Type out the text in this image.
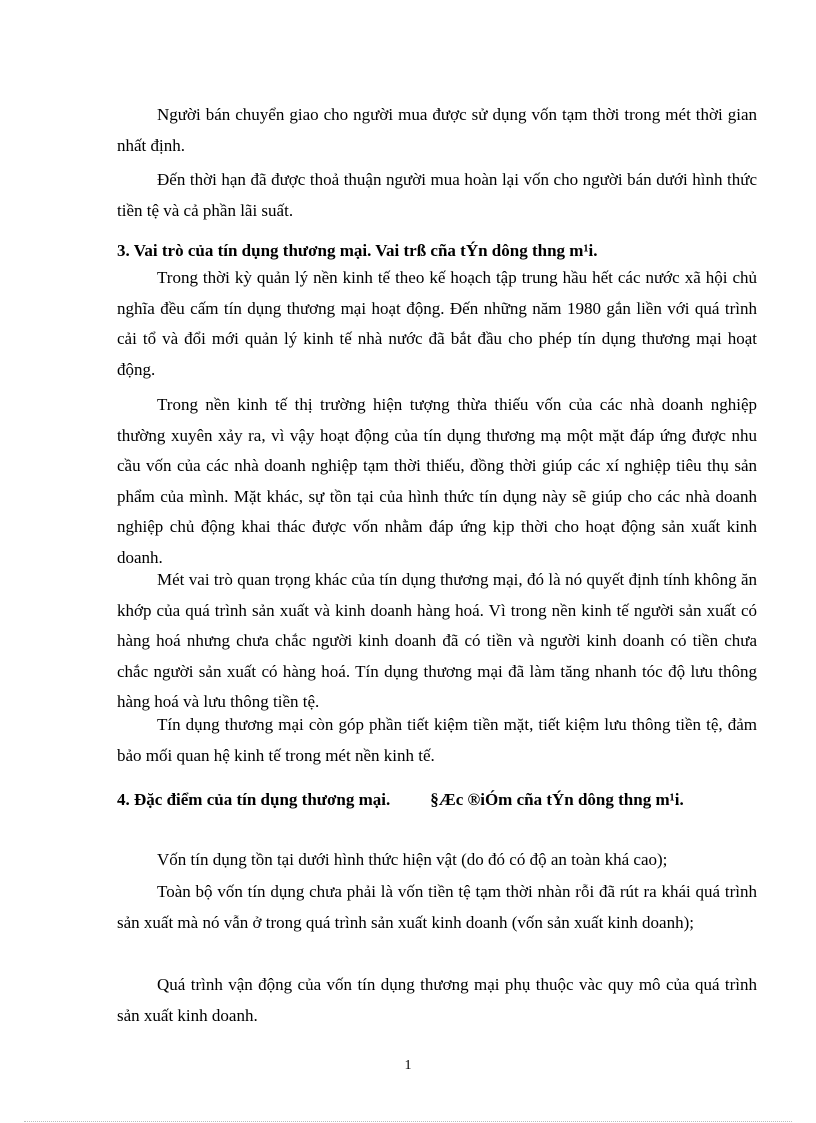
Người bán chuyển giao cho người mua được sử dụng vốn tạm thời trong mét thời gian nhất định.
Đến thời hạn đã được thoả thuận người mua hoàn lại vốn cho người bán dưới hình thức tiền tệ và cả phần lãi suất.
3. Vai trò của tín dụng thương mại. Vai trß cña tÝn dông thng m¹i.
Trong thời kỳ quản lý nền kinh tế theo kế hoạch tập trung hầu hết các nước xã hội chủ nghĩa đều cấm tín dụng thương mại hoạt động. Đến những năm 1980 gắn liền với quá trình cải tổ và đổi mới quản lý kinh tế nhà nước đã bắt đầu cho phép tín dụng thương mại hoạt động.
Trong nền kinh tế thị trường hiện tượng thừa thiếu vốn của các nhà doanh nghiệp thường xuyên xảy ra, vì vậy hoạt động của tín dụng thương mạ một mặt đáp ứng được nhu cầu vốn của các nhà doanh nghiệp tạm thời thiếu, đồng thời giúp các xí nghiệp tiêu thụ sản phẩm của mình. Mặt khác, sự tồn tại của hình thức tín dụng này sẽ giúp cho các nhà doanh nghiệp chủ động khai thác được vốn nhằm đáp ứng kịp thời cho hoạt động sản xuất kinh doanh.
Mét vai trò quan trọng khác của tín dụng thương mại, đó là nó quyết định tính không ăn khớp của quá trình sản xuất và kinh doanh hàng hoá. Vì trong nền kinh tế người sản xuất có hàng hoá nhưng chưa chắc người kinh doanh đã có tiền và người kinh doanh có tiền chưa chắc người sản xuất có hàng hoá. Tín dụng thương mại đã làm tăng nhanh tóc độ lưu thông hàng hoá và lưu thông tiền tệ.
Tín dụng thương mại còn góp phần tiết kiệm tiền mặt, tiết kiệm lưu thông tiền tệ, đảm bảo mối quan hệ kinh tế trong mét nền kinh tế.
4. Đặc điểm của tín dụng thương mại. §Æc ®iÓm cña tÝn dông thng m¹i.
Vốn tín dụng tồn tại dưới hình thức hiện vật (do đó có độ an toàn khá cao);
Toàn bộ vốn tín dụng chưa phải là vốn tiền tệ tạm thời nhàn rỗi đã rút ra khái quá trình sản xuất mà nó vẫn ở trong quá trình sản xuất kinh doanh (vốn sản xuất kinh doanh);
Quá trình vận động của vốn tín dụng thương mại phụ thuộc vàc quy mô của quá trình sản xuất kinh doanh.
1
